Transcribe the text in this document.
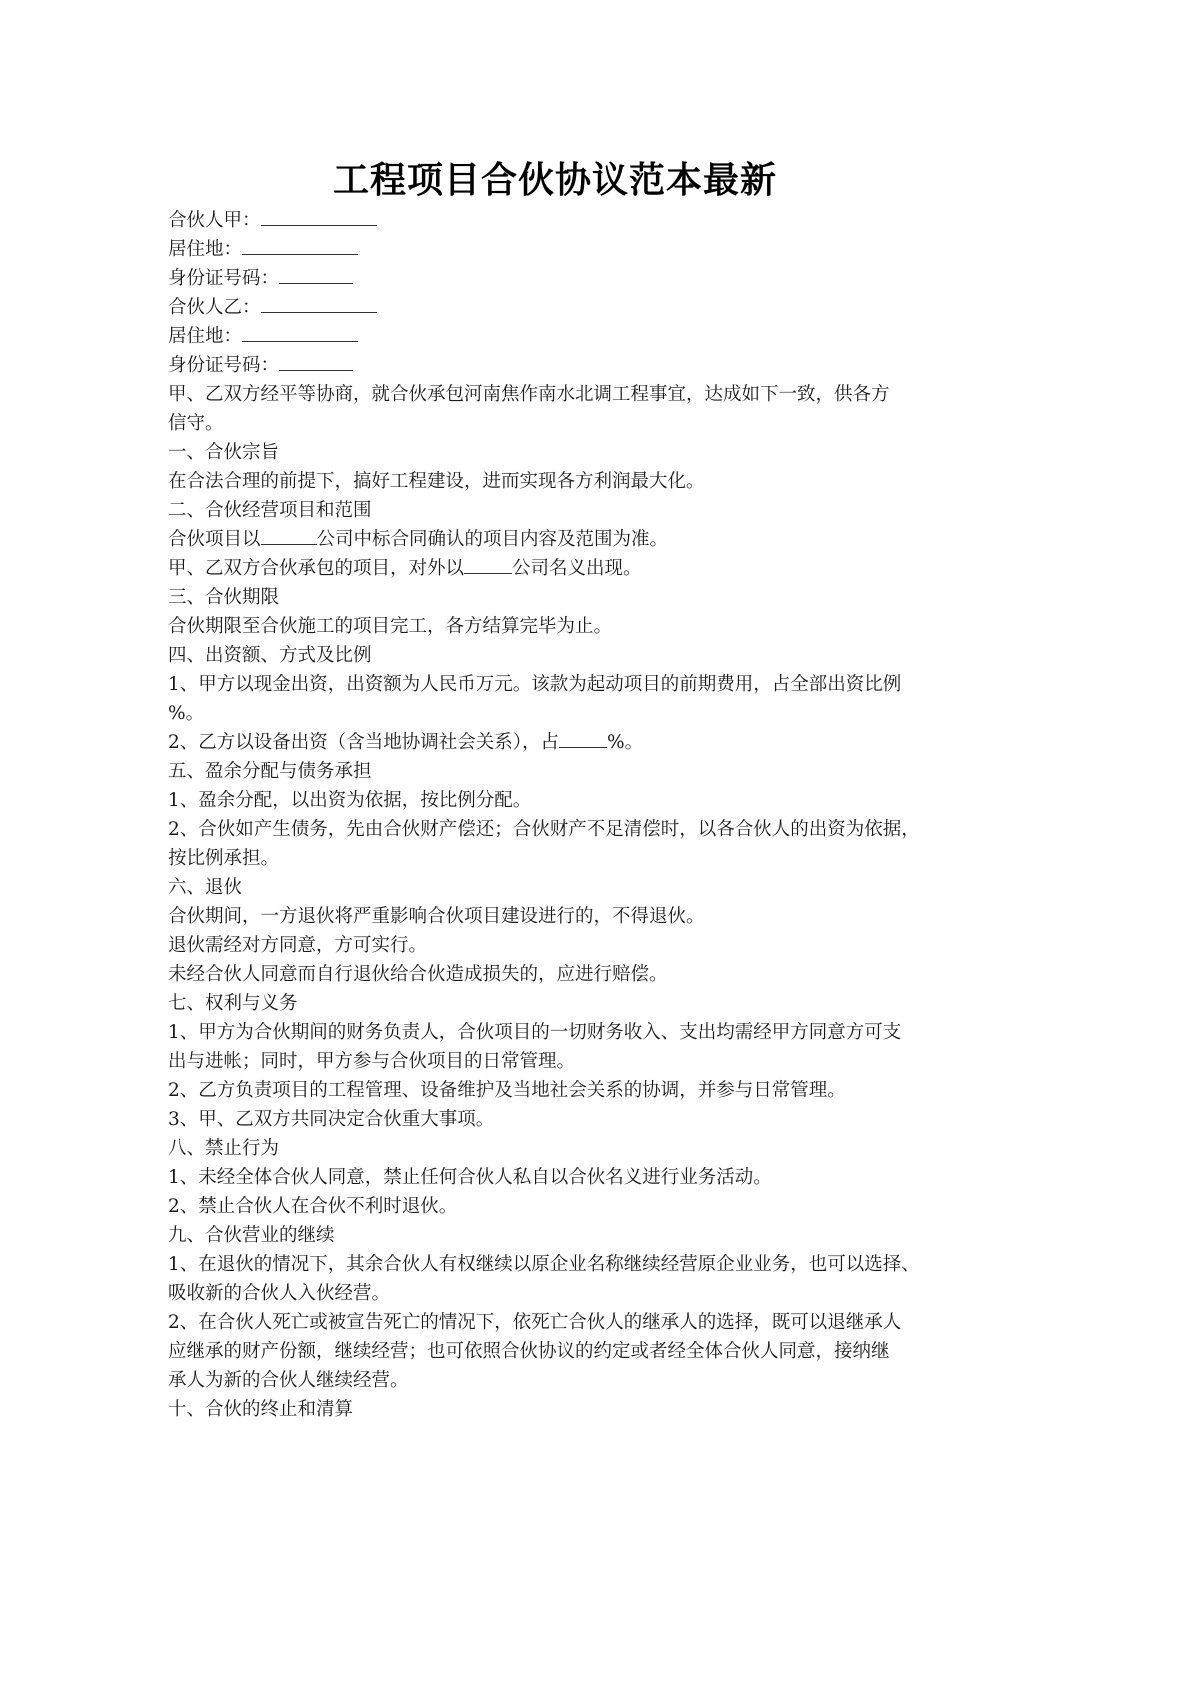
工程项目合伙协议范本最新
合伙人甲：
居住地：
身份证号码：
合伙人乙：
居住地：
身份证号码：
甲、乙双方经平等协商，就合伙承包河南焦作南水北调工程事宜，达成如下一致，供各方
信守。
一、合伙宗旨
在合法合理的前提下，搞好工程建设，进而实现各方利润最大化。
二、合伙经营项目和范围
合伙项目以	公司中标合同确认的项目内容及范围为准。
甲、乙双方合伙承包的项目，对外以	公司名义出现。
三、合伙期限
合伙期限至合伙施工的项目完工，各方结算完毕为止。
四、出资额、方式及比例
1、甲方以现金出资，出资额为人民币万元。该款为起动项目的前期费用，占全部出资比例
%。
2、乙方以设备出资（含当地协调社会关系），占	%。
五、盈余分配与债务承担
1、盈余分配，以出资为依据，按比例分配。
2、合伙如产生债务，先由合伙财产偿还；合伙财产不足清偿时，以各合伙人的出资为依据，
按比例承担。
六、退伙
合伙期间，一方退伙将严重影响合伙项目建设进行的，不得退伙。
退伙需经对方同意，方可实行。
未经合伙人同意而自行退伙给合伙造成损失的，应进行赔偿。
七、权利与义务
1、甲方为合伙期间的财务负责人，合伙项目的一切财务收入、支出均需经甲方同意方可支
出与进帐；同时，甲方参与合伙项目的日常管理。
2、乙方负责项目的工程管理、设备维护及当地社会关系的协调，并参与日常管理。
3、甲、乙双方共同决定合伙重大事项。
八、禁止行为
1、未经全体合伙人同意，禁止任何合伙人私自以合伙名义进行业务活动。
2、禁止合伙人在合伙不利时退伙。
九、合伙营业的继续
1、在退伙的情况下，其余合伙人有权继续以原企业名称继续经营原企业业务，也可以选择、
吸收新的合伙人入伙经营。
2、在合伙人死亡或被宣告死亡的情况下，依死亡合伙人的继承人的选择，既可以退继承人
应继承的财产份额，继续经营；也可依照合伙协议的约定或者经全体合伙人同意，接纳继
承人为新的合伙人继续经营。
十、合伙的终止和清算
